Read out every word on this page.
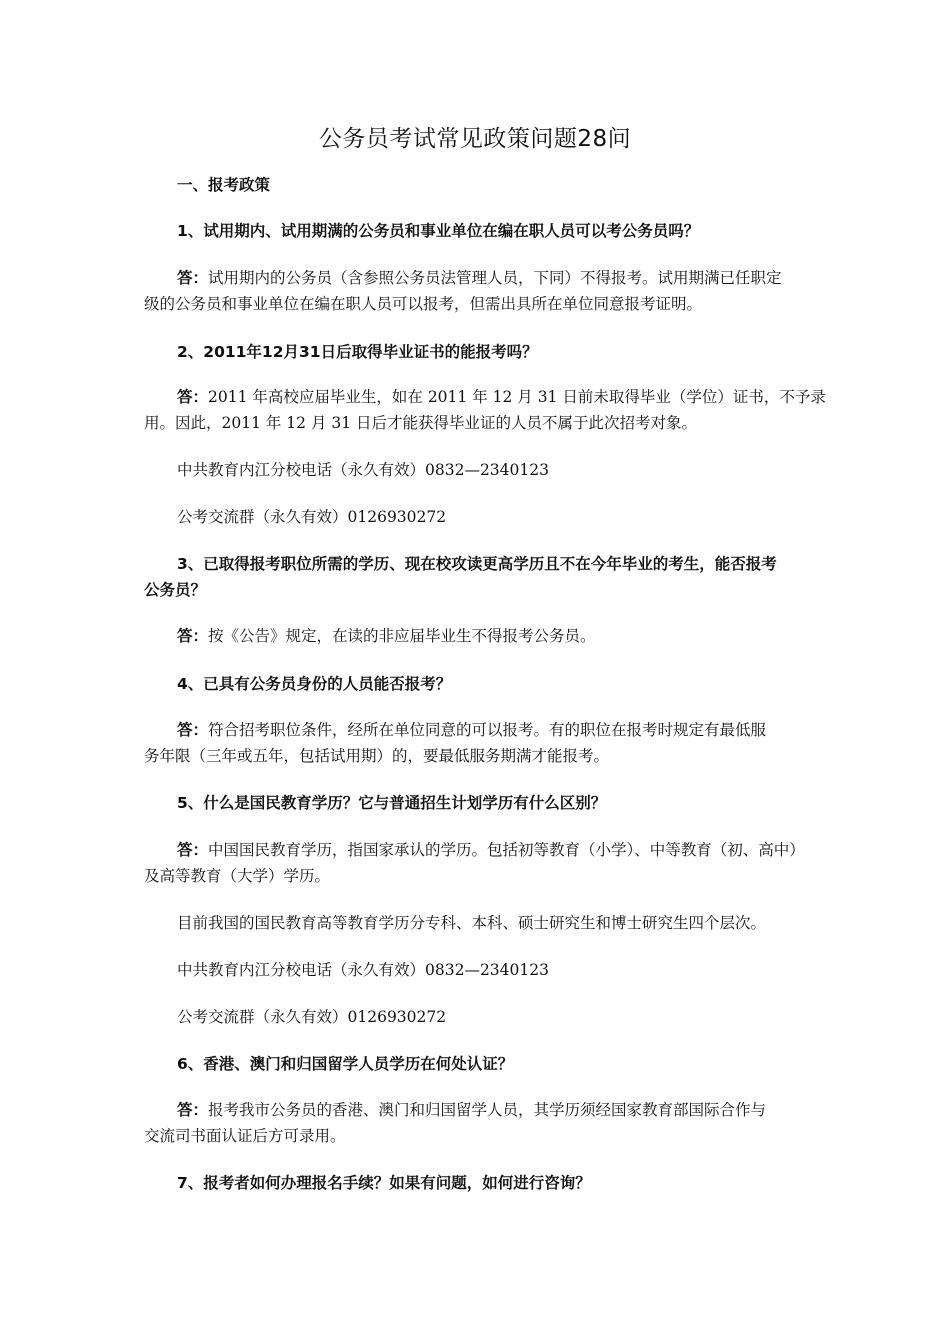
公务员考试常见政策问题28问
一、报考政策
1、试用期内、试用期满的公务员和事业单位在编在职人员可以考公务员吗？
答：试用期内的公务员（含参照公务员法管理人员，下同）不得报考。试用期满已任职定
级的公务员和事业单位在编在职人员可以报考，但需出具所在单位同意报考证明。
2、2011年12月31日后取得毕业证书的能报考吗？
答：2011 年高校应届毕业生，如在 2011 年 12 月 31 日前未取得毕业（学位）证书，不予录
用。因此，2011 年 12 月 31 日后才能获得毕业证的人员不属于此次招考对象。
中共教育内江分校电话（永久有效）0832—2340123
公考交流群（永久有效）0126930272
3、已取得报考职位所需的学历、现在校攻读更高学历且不在今年毕业的考生，能否报考
公务员？
答：按《公告》规定，在读的非应届毕业生不得报考公务员。
4、已具有公务员身份的人员能否报考？
答：符合招考职位条件，经所在单位同意的可以报考。有的职位在报考时规定有最低服
务年限（三年或五年，包括试用期）的，要最低服务期满才能报考。
5、什么是国民教育学历？它与普通招生计划学历有什么区别？
答：中国国民教育学历，指国家承认的学历。包括初等教育（小学）、中等教育（初、高中）
及高等教育（大学）学历。
目前我国的国民教育高等教育学历分专科、本科、硕士研究生和博士研究生四个层次。
中共教育内江分校电话（永久有效）0832—2340123
公考交流群（永久有效）0126930272
6、香港、澳门和归国留学人员学历在何处认证？
答：报考我市公务员的香港、澳门和归国留学人员，其学历须经国家教育部国际合作与
交流司书面认证后方可录用。
7、报考者如何办理报名手续？如果有问题，如何进行咨询？
